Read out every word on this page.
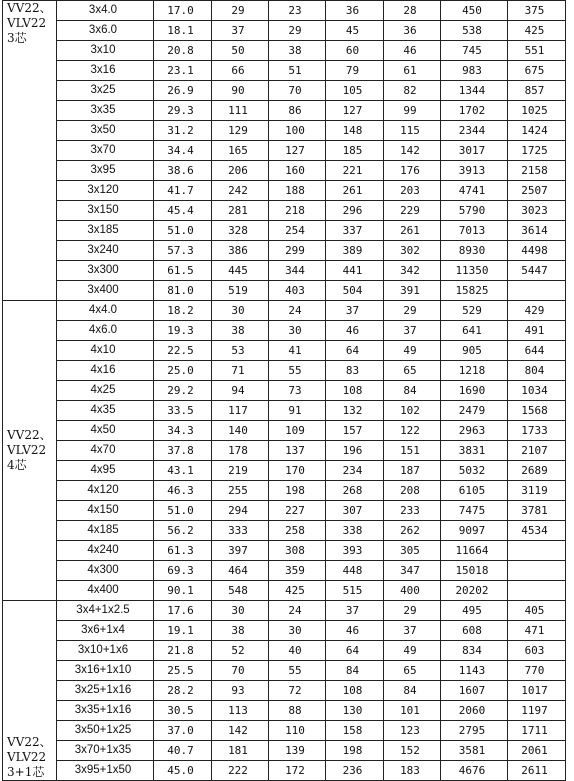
VV22、
VLV22
3芯	3x4.0	17.0	29	23	36	28	450	375
	3x6.0	18.1	37	29	45	36	538	425
	3x10	20.8	50	38	60	46	745	551
	3x16	23.1	66	51	79	61	983	675
	3x25	26.9	90	70	105	82	1344	857
	3x35	29.3	111	86	127	99	1702	1025
	3x50	31.2	129	100	148	115	2344	1424
	3x70	34.4	165	127	185	142	3017	1725
	3x95	38.6	206	160	221	176	3913	2158
	3x120	41.7	242	188	261	203	4741	2507
	3x150	45.4	281	218	296	229	5790	3023
	3x185	51.0	328	254	337	261	7013	3614
	3x240	57.3	386	299	389	302	8930	4498
	3x300	61.5	445	344	441	342	11350	5447
	3x400	81.0	519	403	504	391	15825	

VV22、
VLV22
4芯	4x4.0	18.2	30	24	37	29	529	429
	4x6.0	19.3	38	30	46	37	641	491
	4x10	22.5	53	41	64	49	905	644
	4x16	25.0	71	55	83	65	1218	804
	4x25	29.2	94	73	108	84	1690	1034
	4x35	33.5	117	91	132	102	2479	1568
	4x50	34.3	140	109	157	122	2963	1733
	4x70	37.8	178	137	196	151	3831	2107
	4x95	43.1	219	170	234	187	5032	2689
	4x120	46.3	255	198	268	208	6105	3119
	4x150	51.0	294	227	307	233	7475	3781
	4x185	56.2	333	258	338	262	9097	4534
	4x240	61.3	397	308	393	305	11664	
	4x300	69.3	464	359	448	347	15018	
	4x400	90.1	548	425	515	400	20202	

VV22、
VLV22
3+1芯	3x4+1x2.5	17.6	30	24	37	29	495	405
	3x6+1x4	19.1	38	30	46	37	608	471
	3x10+1x6	21.8	52	40	64	49	834	603
	3x16+1x10	25.5	70	55	84	65	1143	770
	3x25+1x16	28.2	93	72	108	84	1607	1017
	3x35+1x16	30.5	113	88	130	101	2060	1197
	3x50+1x25	37.0	142	110	158	123	2795	1711
	3x70+1x35	40.7	181	139	198	152	3581	2061
	3x95+1x50	45.0	222	172	236	183	4676	2611
